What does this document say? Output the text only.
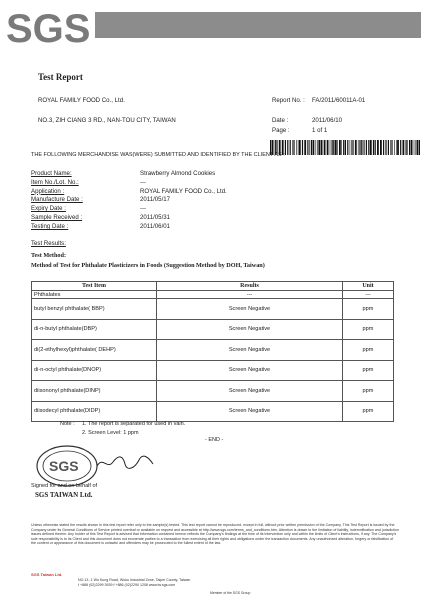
SGS
Test Report
ROYAL FAMILY FOOD Co., Ltd.
NO.3, ZIH CIANG 3 RD., NAN-TOU CITY, TAIWAN
Report No. : FA/2011/60011A-01
Date :	2011/06/10
Page :	1 of 1
THE FOLLOWING MERCHANDISE WAS(WERE) SUBMITTED AND IDENTIFIED BY THE CLIENT AS :
Product Name:	Strawberry Almond Cookies
Item No./Lot. No.:	---
Application :	ROYAL FAMILY FOOD Co., Ltd.
Manufacture Date :	2011/05/17
Expiry Date :	---
Sample Received :	2011/05/31
Testing Date :	2011/06/01
Test Results:
Test Method:
Method of Test for Phthalate Plasticizers in Foods (Suggestion Method by DOH, Taiwan)
Test Item	Results	Unit
Phthalates	---	---
butyl benzyl phthalate( BBP)	Screen Negative	ppm
di-n-butyl phthalate(DBP)	Screen Negative	ppm
di(2-ethylhexyl)phthalate( DEHP)	Screen Negative	ppm
di-n-octyl phthalate(DNOP)	Screen Negative	ppm
diisononyl phthalate(DINP)	Screen Negative	ppm
diisodecyl phthalate(DIDP)	Screen Negative	ppm
Note : 1. The report is separated for used in vain.
2. Screen Level: 1 ppm
- END -
SGS
Signed for and on behalf of
SGS TAIWAN Ltd.
Unless otherwise stated the results shown in this test report refer only to the sample(s) tested. This test report cannot be reproduced, except in full, without prior written permission of the Company. This Test Report is issued by the Company under its General Conditions of Service printed overleaf or available on request and accessible at http://www.sgs.com/terms_and_conditions.htm. Attention is drawn to the limitation of liability, indemnification and jurisdiction issues defined therein. Any holder of this Test Report is advised that information contained hereon reflects the Company's findings at the time of its intervention only and within the limits of Client's instructions, if any. The Company's sole responsibility is to its Client and this document does not exonerate parties to a transaction from exercising all their rights and obligations under the transaction documents. Any unauthorized alteration, forgery or falsification of the content or appearance of this document is unlawful and offenders may be prosecuted to the fullest extent of the law.
SGS Taiwan Ltd.
NO.13 -1 Wu Kung Road, Wuku Industrial Zone, Taipei County, Taiwan
t +886 (02)2299 3939 f +886 (02)2290 1208 www.tw.sgs.com
Member of the SGS Group
